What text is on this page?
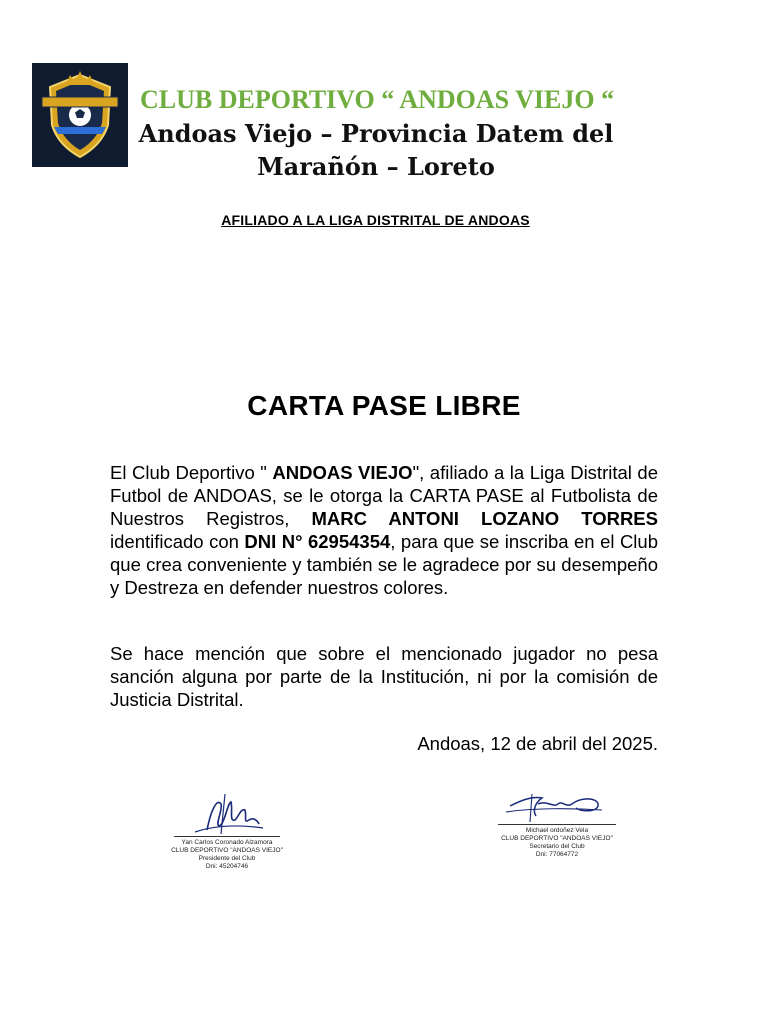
CLUB DEPORTIVO “ ANDOAS VIEJO “
Andoas Viejo – Provincia Datem del
Marañón – Loreto
AFILIADO A LA LIGA DISTRITAL DE ANDOAS
CARTA PASE LIBRE

El Club Deportivo " ANDOAS VIEJO", afiliado a la Liga Distrital de Futbol de ANDOAS, se le otorga la CARTA PASE al Futbolista de Nuestros Registros, MARC ANTONI LOZANO TORRES identificado con DNI N° 62954354, para que se inscriba en el Club que crea conveniente y también se le agradece por su desempeño y Destreza en defender nuestros colores.

Se hace mención que sobre el mencionado jugador no pesa sanción alguna por parte de la Institución, ni por la comisión de Justicia Distrital.

Andoas, 12 de abril del 2025.
Yan Carlos Coronado Alzamora
CLUB DEPORTIVO "ANDOAS VIEJO"
Presidente del Club
Dni: 45204746
Michael ordoñez Vela
CLUB DEPORTIVO "ANDOAS VIEJO"
Secretario del Club
Dni: 77064772
